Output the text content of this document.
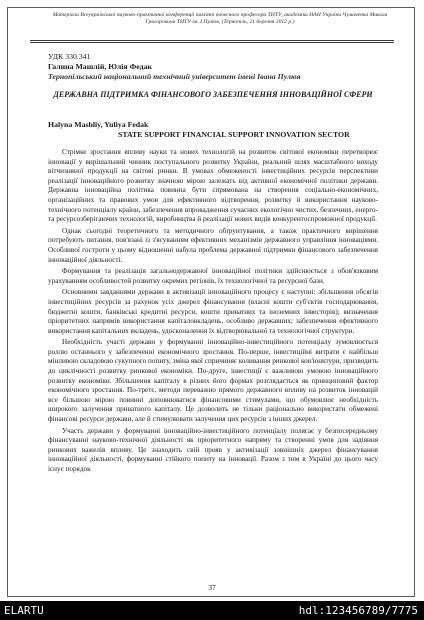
Матеріали Всеукраїнської науково-практичної конференції пам'яті почесного професора ТНТУ, академіка НАН України Чумаченка Миколи Григоровича ТНТУ ім. І.Пулюя, (Тернопіль, 21 березня 2012 р.)
УДК 330.341
Галина Машлій, Юлія Федак
Тернопільський національний технічний університет імені Івана Пулюя
ДЕРЖАВНА ПІДТРИМКА ФІНАНСОВОГО ЗАБЕЗПЕЧЕННЯ ІННОВАЦІЙНОЇ СФЕРИ
Halyna Mashliy, Yuliya Fedak
STATE SUPPORT FINANCIAL SUPPORT INNOVATION SECTOR

Стрімке зростання впливу науки та нових технологій на розвиток світової економіки перетворює інновації у вирішальний чинник поступального розвитку України, реальний шлях масштабного виходу вітчизняної продукції на світові ринки. В умовах обмеженості інвестиційних ресурсів перспективи реалізації інноваційного розвитку значною мірою залежать від активної економічної політики держави. Державна інноваційна політика повинна бути спрямована на створення соціально-економічних, організаційних та правових умов для ефективного відтворення, розвитку й використання науково-технічного потенціалу країни, забезпечення впровадження сучасних екологічно чистих, безпечних, енерго- та ресурсозберігаючих технологій, виробництва й реалізації нових видів конкурентоспроможної продукції.

Однак сьогодні теоретичного та методичного обґрунтування, а також практичного вирішення потребують питання, пов'язані із з'ясуванням ефективних механізмів державного управління інноваціями. Особливої гостроти у цьому відношенні набула проблема державної підтримки фінансового забезпечення інноваційної діяльності.

Формування та реалізація загальнодержавної інноваційної політики здійснюється з обов'язковим урахуванням особливостей розвитку окремих регіонів, їх технологічної та ресурсної бази.

Основними завданнями держави в активізації інноваційного процесу є наступні: збільшення обсягів інвестиційних ресурсів за рахунок усіх джерел фінансування (власні кошти суб'єктів господарювання, бюджетні кошти, банківські кредитні ресурси, кошти приватних та іноземних інвесторів); визначення пріоритетних напрямів використання капіталовкладень, особливо державних; забезпечення ефективного використання капітальних вкладень, удосконалення їх відтворювальної та технологічної структури.

Необхідність участі держави у формуванні інноваційно-інвестиційного потенціалу зумовлюється роллю останнього у забезпеченні економічного зростання. По-перше, інвестиційні витрати є найбільш мінливою складовою сукупного попиту, зміна якої спричиняє коливання ринкової кон'юнктури, призводить до циклічності розвитку ринкової економіки. По-друге, інвестиції є важливою умовою інноваційного розвитку економіки. Збільшення капіталу в різних його формах розглядається як принциповий фактор економічного зростання. По-третє, методи переважно прямого державного впливу на розвиток інновацій все більшою мірою повинні доповнюватися фінансовими стимулами, що обумовлює необхідність широкого залучення приватного капіталу. Це дозволить не тільки раціонально використати обмежені фінансові ресурси держави, але й стимулювати залучення цих ресурсів з інших джерел.

Участь держави у формуванні інноваційно-інвестиційного потенціалу полягає у безпосередньому фінансуванні науково-технічної діяльності як пріоритетного напряму та створенні умов для задіяння ринкових важелів впливу. Це знаходить свій прояв у активізації зовнішніх джерел фінансування інноваційної діяльності, формуванні стійкого попиту на інновації. Разом з тим в Україні до цього часу існує порядок

37
ELARTU	hdl:123456789/7775
